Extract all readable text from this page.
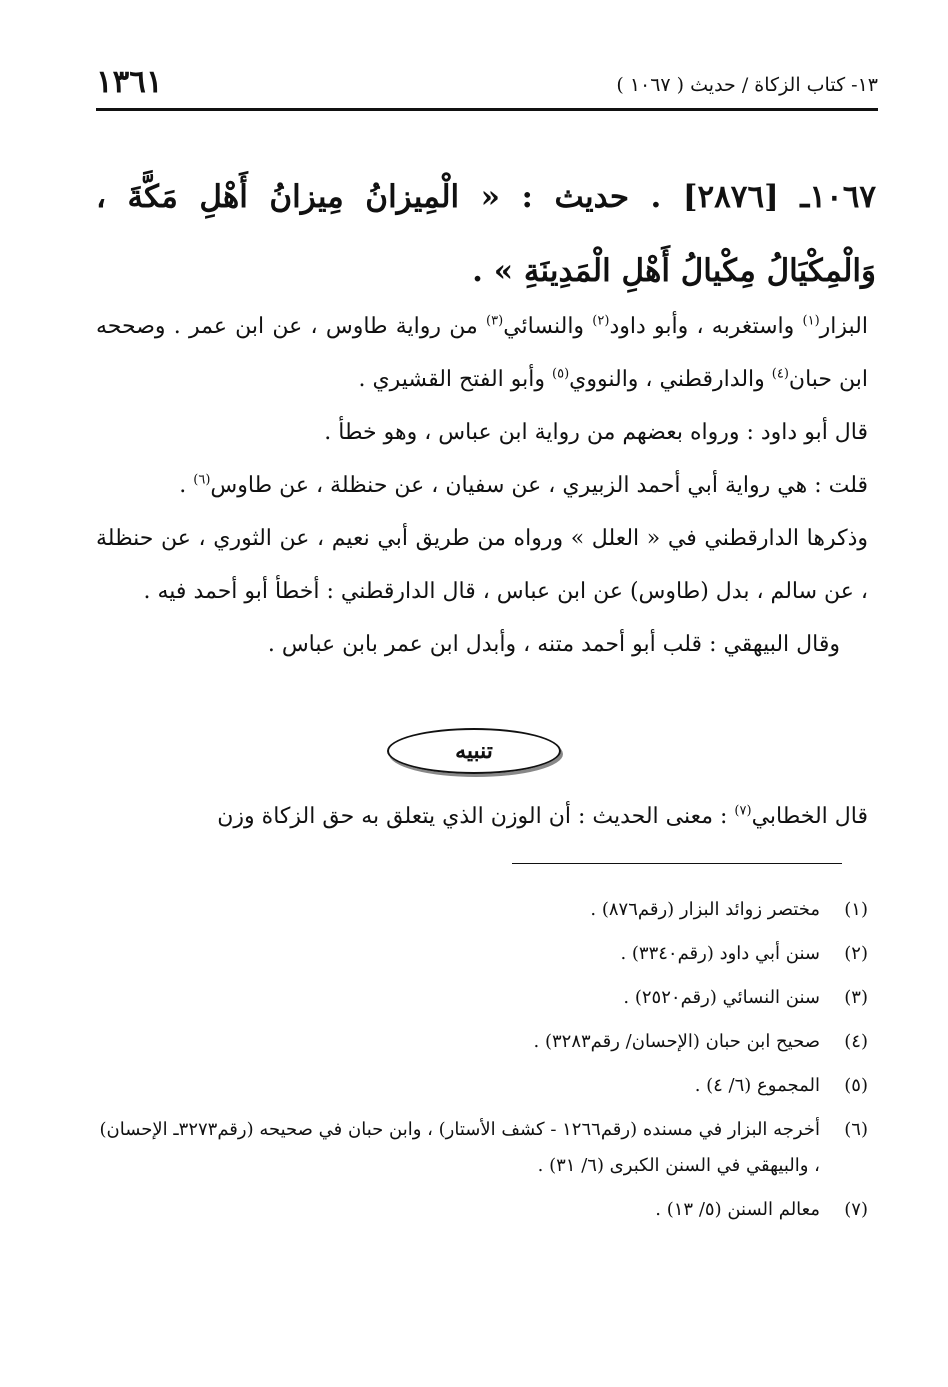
١٣- كتاب الزكاة / حديث ( ١٠٦٧ )
١٣٦١
١٠٦٧ـ [٢٨٧٦] . حديث : « الْمِيزانُ مِيزانُ أَهْلِ مَكَّةَ ، وَالْمِكْيَالُ مِكْيالُ أَهْلِ الْمَدِينَةِ » .

البزار$^{(١)}$ واستغربه ، وأبو داود$^{(٢)}$ والنسائي$^{(٣)}$ من رواية طاوس ، عن ابن عمر . وصححه ابن حبان$^{(٤)}$ والدارقطني ، والنووي$^{(٥)}$ وأبو الفتح القشيري .

قال أبو داود : ورواه بعضهم من رواية ابن عباس ، وهو خطأ .

قلت : هي رواية أبي أحمد الزبيري ، عن سفيان ، عن حنظلة ، عن طاوس$^{(٦)}$ .

وذكرها الدارقطني في « العلل » ورواه من طريق أبي نعيم ، عن الثوري ، عن حنظلة ، عن سالم ، بدل (طاوس) عن ابن عباس ، قال الدارقطني : أخطأ أبو أحمد فيه .

وقال البيهقي : قلب أبو أحمد متنه ، وأبدل ابن عمر بابن عباس .

تنبيه

قال الخطابي$^{(٧)}$ : معنى الحديث : أن الوزن الذي يتعلق به حق الزكاة وزن

(١)
مختصر زوائد البزار (رقم٨٧٦) .
(٢)
سنن أبي داود (رقم٣٣٤٠) .
(٣)
سنن النسائي (رقم٢٥٢٠) .
(٤)
صحيح ابن حبان (الإحسان/ رقم٣٢٨٣) .
(٥)
المجموع (٦/ ٤) .
(٦)
أخرجه البزار في مسنده (رقم١٢٦٦ - كشف الأستار) ، وابن حبان في صحيحه (رقم٣٢٧٣ـ الإحسان) ، والبيهقي في السنن الكبرى (٦/ ٣١) .
(٧)
معالم السنن (٥/ ١٣) .
